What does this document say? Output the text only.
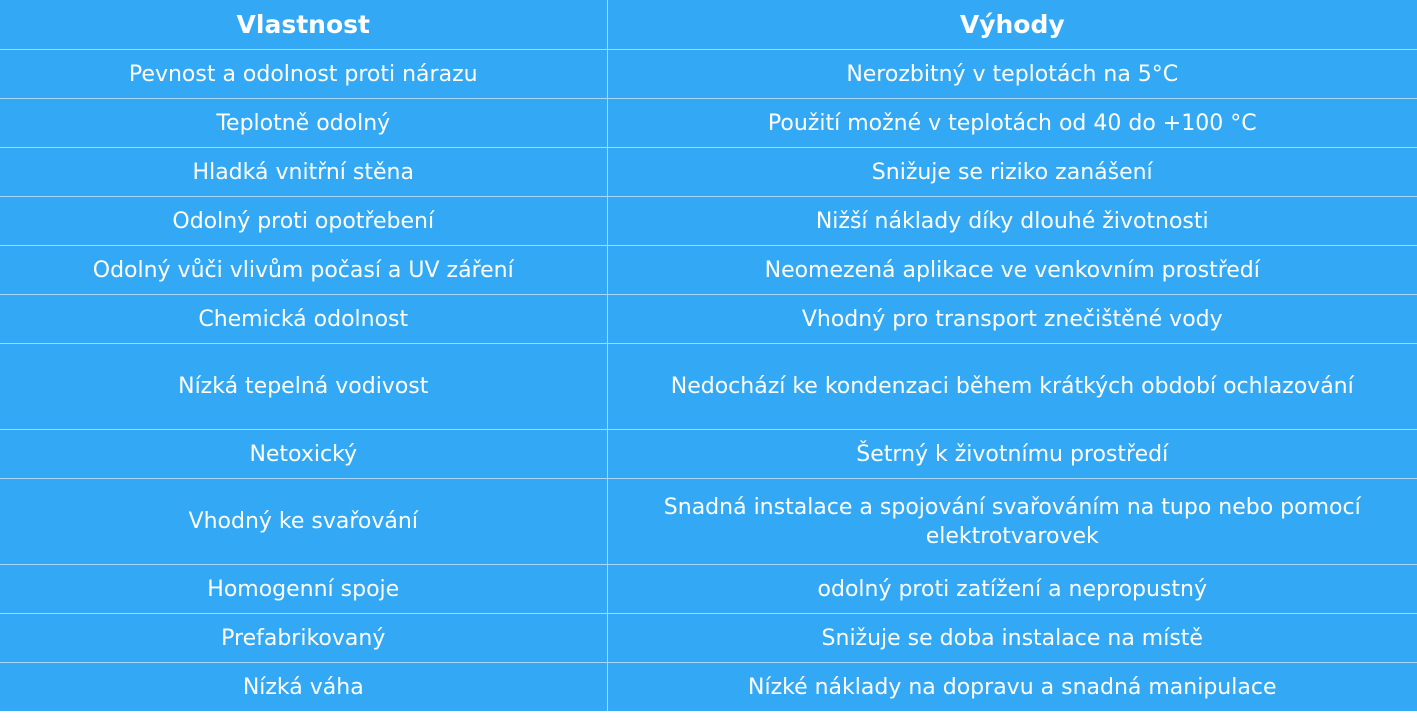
Vlastnost	Výhody
Pevnost a odolnost proti nárazu	Nerozbitný v teplotách na 5°C
Teplotně odolný	Použití možné v teplotách od 40 do +100 °C
Hladká vnitřní stěna	Snižuje se riziko zanášení
Odolný proti opotřebení	Nižší náklady díky dlouhé životnosti
Odolný vůči vlivům počasí a UV záření	Neomezená aplikace ve venkovním prostředí
Chemická odolnost	Vhodný pro transport znečištěné vody
Nízká tepelná vodivost	Nedochází ke kondenzaci během krátkých období ochlazování
Netoxický	Šetrný k životnímu prostředí
Vhodný ke svařování	Snadná instalace a spojování svařováním na tupo nebo pomocí elektrotvarovek
Homogenní spoje	odolný proti zatížení a nepropustný
Prefabrikovaný	Snižuje se doba instalace na místě
Nízká váha	Nízké náklady na dopravu a snadná manipulace
